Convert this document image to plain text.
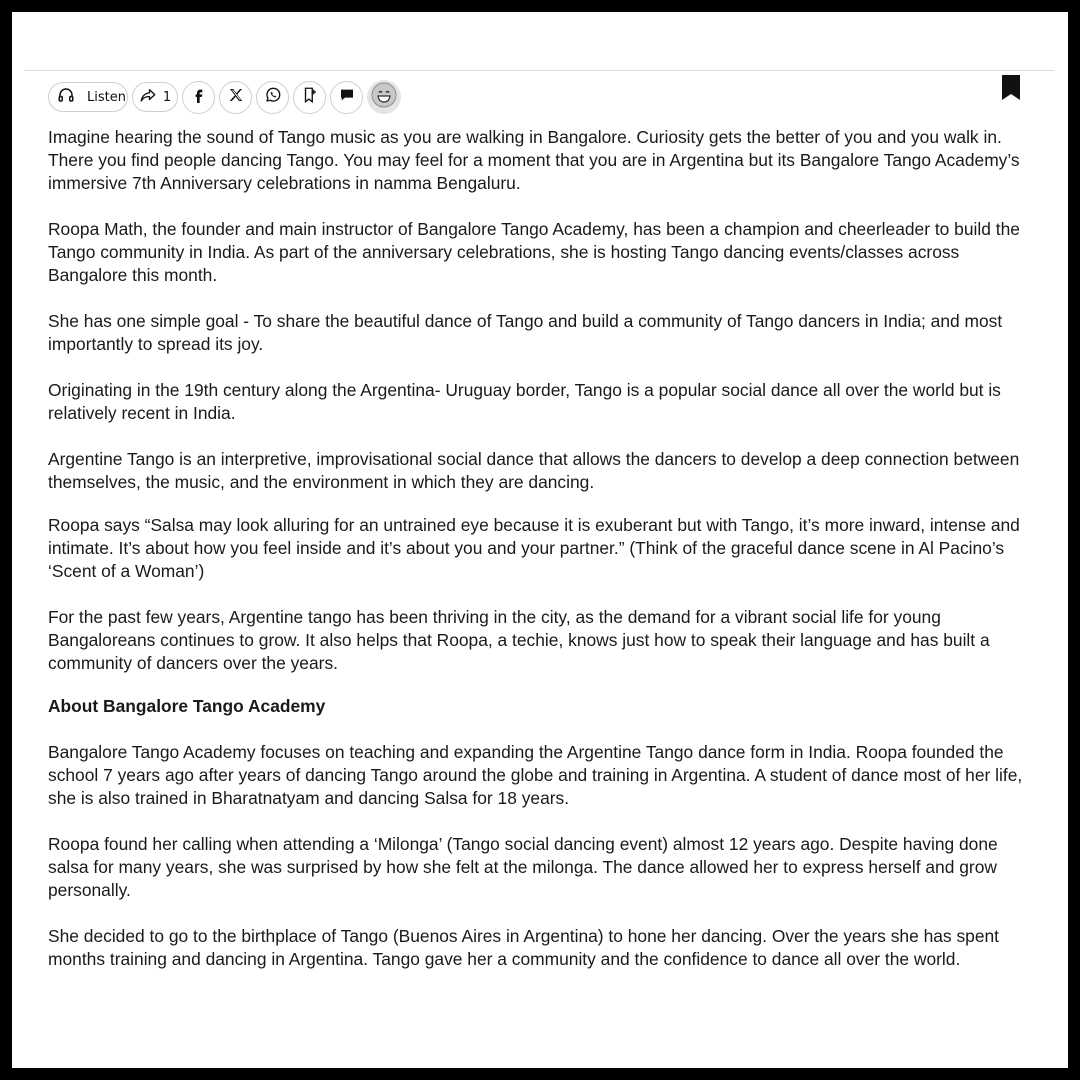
Listen	1

Imagine hearing the sound of Tango music as you are walking in Bangalore. Curiosity gets the better of you and you walk in. There you find people dancing Tango. You may feel for a moment that you are in Argentina but its Bangalore Tango Academy’s immersive 7th Anniversary celebrations in namma Bengaluru.

Roopa Math, the founder and main instructor of Bangalore Tango Academy, has been a champion and cheerleader to build the Tango community in India. As part of the anniversary celebrations, she is hosting Tango dancing events/classes across Bangalore this month.

She has one simple goal - To share the beautiful dance of Tango and build a community of Tango dancers in India; and most importantly to spread its joy.

Originating in the 19th century along the Argentina- Uruguay border, Tango is a popular social dance all over the world but is relatively recent in India.

Argentine Tango is an interpretive, improvisational social dance that allows the dancers to develop a deep connection between themselves, the music, and the environment in which they are dancing.

Roopa says “Salsa may look alluring for an untrained eye because it is exuberant but with Tango, it’s more inward, intense and intimate. It’s about how you feel inside and it’s about you and your partner.” (Think of the graceful dance scene in Al Pacino’s ‘Scent of a Woman’)

For the past few years, Argentine tango has been thriving in the city, as the demand for a vibrant social life for young Bangaloreans continues to grow. It also helps that Roopa, a techie, knows just how to speak their language and has built a community of dancers over the years.

About Bangalore Tango Academy

Bangalore Tango Academy focuses on teaching and expanding the Argentine Tango dance form in India. Roopa founded the school 7 years ago after years of dancing Tango around the globe and training in Argentina. A student of dance most of her life, she is also trained in Bharatnatyam and dancing Salsa for 18 years.

Roopa found her calling when attending a ‘Milonga’ (Tango social dancing event) almost 12 years ago. Despite having done salsa for many years, she was surprised by how she felt at the milonga. The dance allowed her to express herself and grow personally.

She decided to go to the birthplace of Tango (Buenos Aires in Argentina) to hone her dancing. Over the years she has spent months training and dancing in Argentina. Tango gave her a community and the confidence to dance all over the world.
